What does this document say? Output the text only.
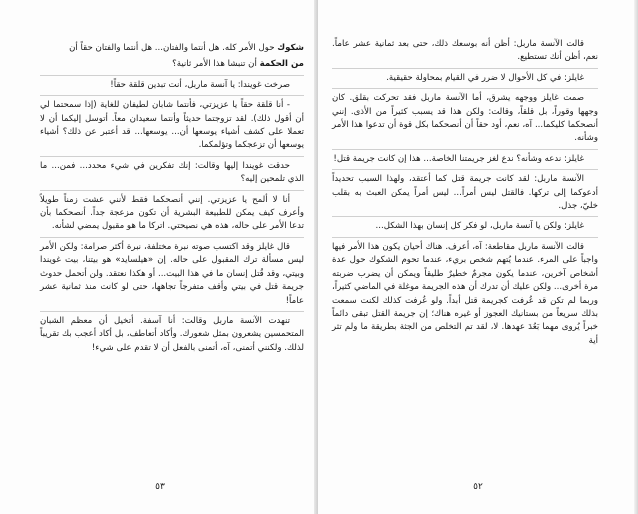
شكوك حول الأمر كله. هل أنتما والفتان... هل أنتما والفتان حقاً أن

من الحكمة أن تنبشا هذا الأمر ثانية؟

صرخت غويندا: يا آنسة ماربل، أنت تبدين قلقة حقاً!

- أنا قلقة حقاً يا عزيزتي، فأنتما شابان لطيفان للغاية (إذا سمحتما لي أن أقول ذلك). لقد تزوجتما حديثاً وأنتما سعيدان معاً. أتوسل إليكما أن لا تعملا على كشف أشياء يوسعها أن... يوسعها... قد أعتبر عن ذلك؟ أشياء يوسعها أن تزعجكما وتؤلمكما.

حدقت غويندا إليها وقالت: إنك تفكرين في شيء محدد... فمن... ما الذي تلمحين إليه؟

أنا لا ألمح يا عزيزتي. إنني أنصحكما فقط لأنني عشت زمناً طويلاً وأعرف كيف يمكن للطبيعة البشرية أن تكون مزعجة جداً. أنصحكما بأن تدعا الأمر على حاله، هذه هي نصيحتي. اتركا ما هو مقبول يمضي لشأنه.

قال غايلز وقد اكتسب صوته نبرة مختلفة، نبرة أكثر صرامة: ولكن الأمر ليس مسألة ترك المقبول على حاله. إن «هيلسايد» هو بيتنا، بيت غويندا وبيتي، وقد قُتل إنسان ما في هذا البيت... أو هكذا نعتقد. ولن أتحمل حدوث جريمة قتل في بيتي وأقف متفرجاً تجاهها، حتى لو كانت منذ ثمانية عشر عاماً!

تنهدت الآنسة ماربل وقالت: أنا آسفة. أتخيل أن معظم الشبان المتحمسين يشعرون بمثل شعورك. وأكاد أتعاطف، بل أكاد أعجب بك تقريباً لذلك. ولكنني أتمنى، آه، أتمنى بالفعل أن لا تقدم على شيء!

٥٣

قالت الآنسة ماربل: أظن أنه بوسعك ذلك، حتى بعد ثمانية عشر عاماً. نعم، أظن أنك تستطيع.

غايلز: في كل الأحوال لا ضرر في القيام بمحاولة حقيقية.

صمت غايلز ووجهه يشرق، أما الآنسة ماربل فقد تحركت بقلق. كان وجهها وقوراً، بل قلقاً، وقالت: ولكن هذا قد يسبب كثيراً من الأذى. إنني أنصحكما كليكما... آه، نعم، أود حقاً أن أنصحكما بكل قوة أن تدعوا هذا الأمر وشأنه.

غايلز: ندعه وشأنه؟ ندع لغز جريمتنا الخاصة... هذا إن كانت جريمة قتل!

الآنسة ماربل: لقد كانت جريمة قتل كما أعتقد، ولهذا السبب تحديداً أدعوكما إلى تركها. فالقتل ليس أمراً... ليس أمراً يمكن العبث به بقلب خليّ، جذل.

غايلز: ولكن يا آنسة ماربل، لو فكر كل إنسان بهذا الشكل...

قالت الآنسة ماربل مقاطعة: آه، أعرف. هناك أحيان يكون هذا الأمر فيها واجباً على المرء. عندما يُتهم شخص بريء، عندما تحوم الشكوك حول عدة أشخاص آخرين، عندما يكون مجرمٌ خطيرٌ طليقاً ويمكن أن يضرب ضربته مرة أخرى... ولكن عليك أن تدرك أن هذه الجريمة موغلة في الماضي كثيراً، وربما لم تكن قد عُرفت كجريمة قتل أبداً. ولو عُرفت كذلك لكنت سمعت بذلك سريعاً من بستانيك العجوز أو غيره هناك؛ إن جريمة القتل تبقى دائماً خبراً يُروى مهما بَعُدَ عهدها. لا، لقد تم التخلص من الجثة بطريقة ما ولم تثر أية

٥٢
